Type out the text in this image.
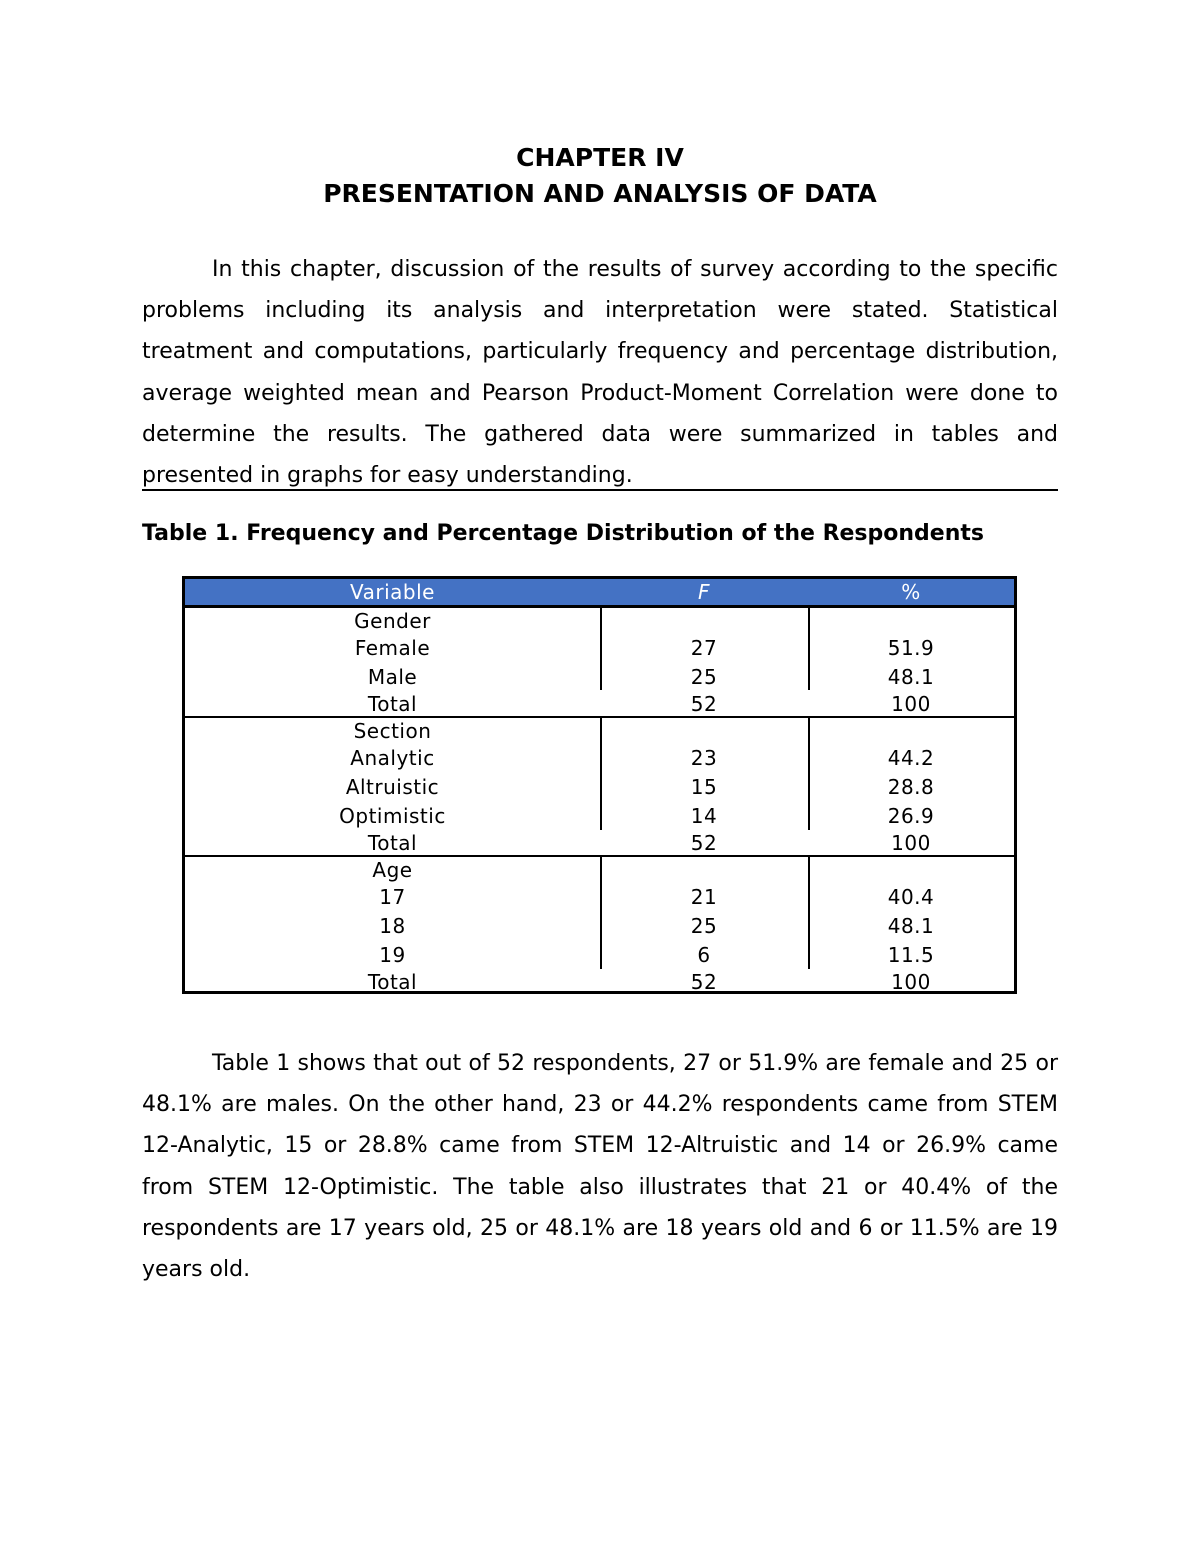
CHAPTER IV
PRESENTATION AND ANALYSIS OF DATA

In this chapter, discussion of the results of survey according to the specific problems including its analysis and interpretation were stated. Statistical treatment and computations, particularly frequency and percentage distribution, average weighted mean and Pearson Product-Moment Correlation were done to determine the results. The gathered data were summarized in tables and presented in graphs for easy understanding.

Table 1. Frequency and Percentage Distribution of the Respondents

Variable	F	%
Gender
Female	27	51.9
Male	25	48.1
Total	52	100
Section
Analytic	23	44.2
Altruistic	15	28.8
Optimistic	14	26.9
Total	52	100
Age
17	21	40.4
18	25	48.1
19	6	11.5
Total	52	100

Table 1 shows that out of 52 respondents, 27 or 51.9% are female and 25 or 48.1% are males. On the other hand, 23 or 44.2% respondents came from STEM 12-Analytic, 15 or 28.8% came from STEM 12-Altruistic and 14 or 26.9% came from STEM 12-Optimistic. The table also illustrates that 21 or 40.4% of the respondents are 17 years old, 25 or 48.1% are 18 years old and 6 or 11.5% are 19 years old.
